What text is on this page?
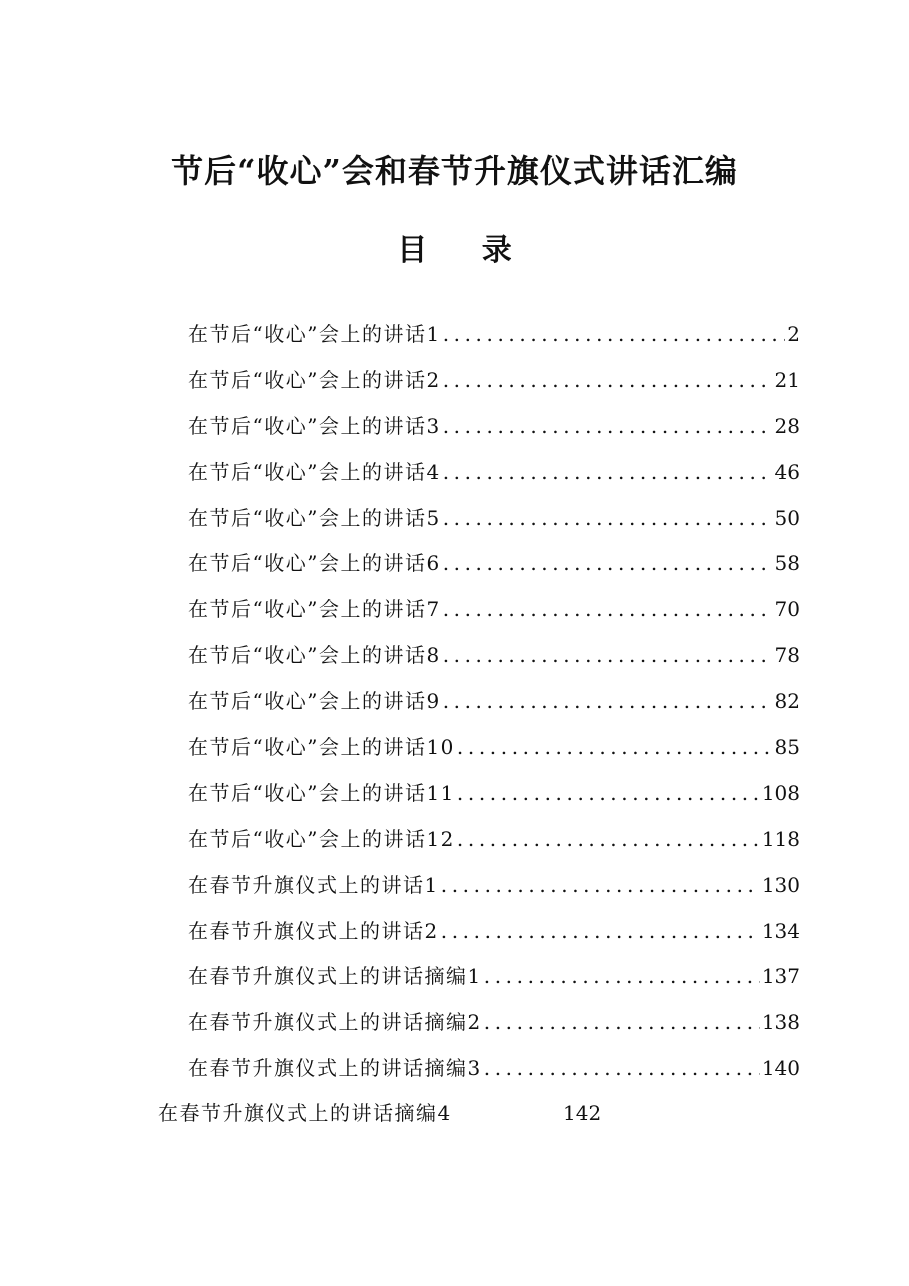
节后“收心”会和春节升旗仪式讲话汇编
目 录
在节后“收心”会上的讲话1 .....	2
在节后“收心”会上的讲话2 .....	21
在节后“收心”会上的讲话3 .....	28
在节后“收心”会上的讲话4 .....	46
在节后“收心”会上的讲话5 .....	50
在节后“收心”会上的讲话6 .....	58
在节后“收心”会上的讲话7 .....	70
在节后“收心”会上的讲话8 .....	78
在节后“收心”会上的讲话9 .....	82
在节后“收心”会上的讲话10 .....	85
在节后“收心”会上的讲话11 .....	108
在节后“收心”会上的讲话12 .....	118
在春节升旗仪式上的讲话1 .....	130
在春节升旗仪式上的讲话2 .....	134
在春节升旗仪式上的讲话摘编1 .....	137
在春节升旗仪式上的讲话摘编2 .....	138
在春节升旗仪式上的讲话摘编3 .....	140
在春节升旗仪式上的讲话摘编4	142
